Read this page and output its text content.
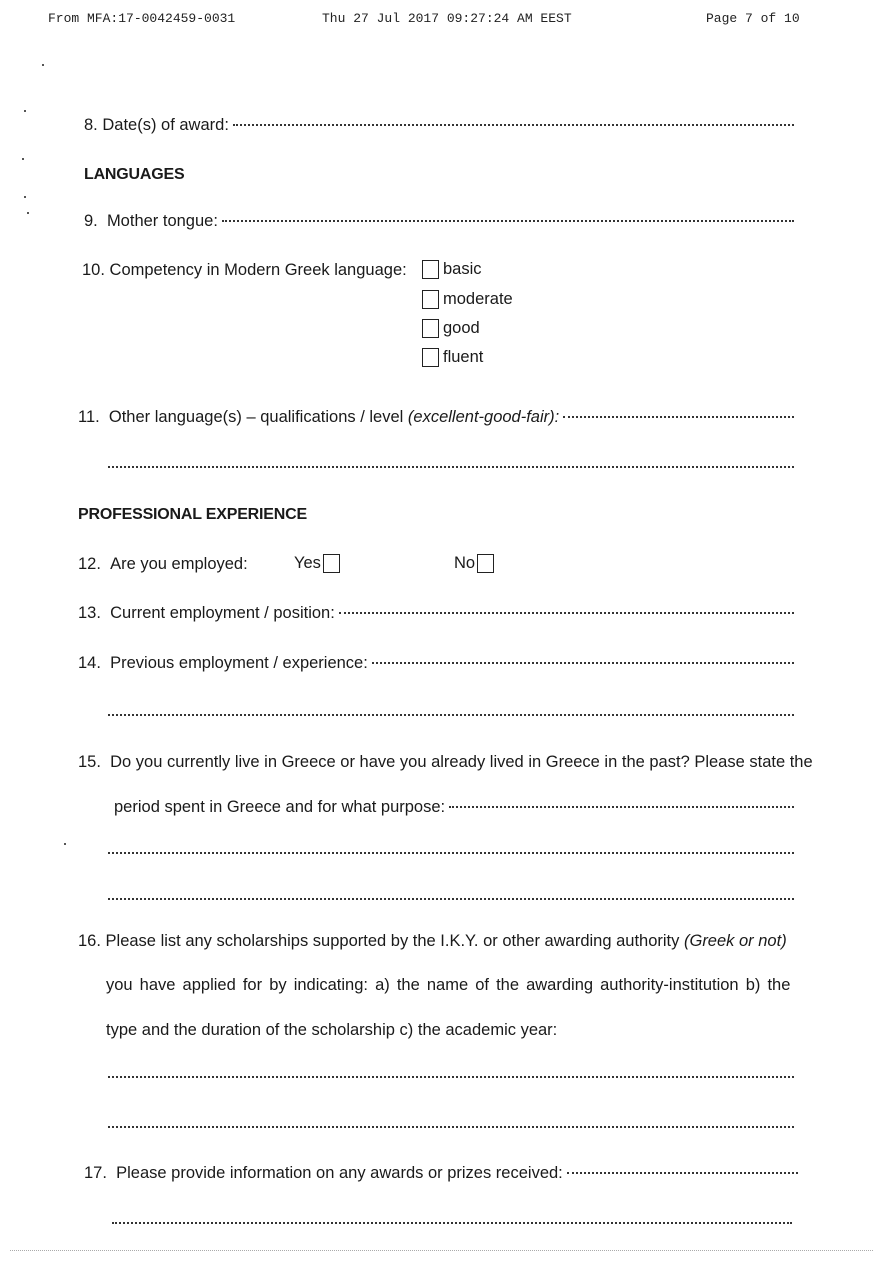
From MFA:17-0042459-0031	Thu 27 Jul 2017 09:27:24 AM EEST	Page 7 of 10
8.
Date(s) of award:
LANGUAGES
9.
Mother tongue:
10.
Competency in Modern Greek language: basic
moderate
good
fluent
11.
Other language(s) – qualifications / level
(excellent-good-fair):
PROFESSIONAL EXPERIENCE
12.
Are you employed:	Yes	No
13.
Current employment / position:
14.
Previous employment / experience:
15. Do you currently live in Greece or have you already lived in Greece in the past? Please state the
period spent in Greece and for what purpose:
16. Please list any scholarships supported by the I.K.Y. or other awarding authority (Greek or not)
you have applied for by indicating: a) the name of the awarding authority-institution b) the
type and the duration of the scholarship c) the academic year:
17.
Please provide information on any awards or prizes received:
